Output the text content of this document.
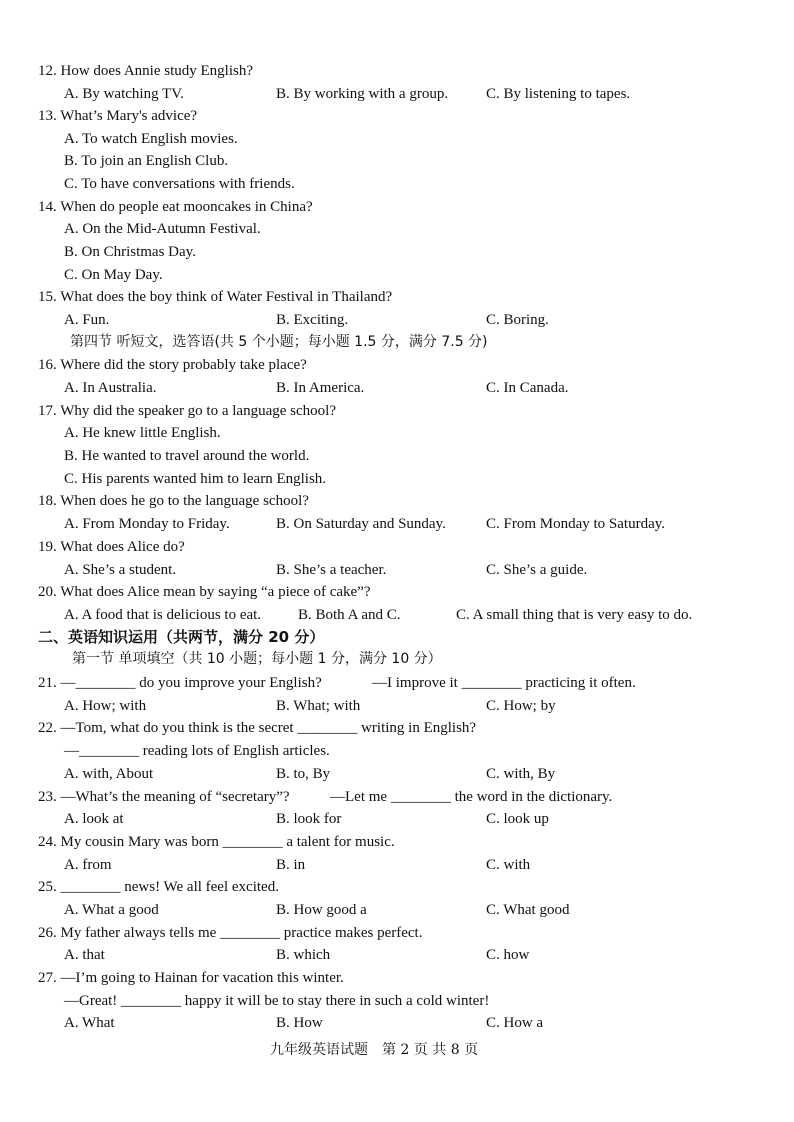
12. How does Annie study English?
A. By watching TV.	B. By working with a group.	C. By listening to tapes.
13. What’s Mary's advice?
A. To watch English movies.
B. To join an English Club.
C. To have conversations with friends.
14. When do people eat mooncakes in China?
A. On the Mid-Autumn Festival.
B. On Christmas Day.
C. On May Day.
15. What does the boy think of Water Festival in Thailand?
A. Fun.	B. Exciting.	C. Boring.
第四节 听短文，选答语(共 5 个小题；每小题 1.5 分，满分 7.5 分)
16. Where did the story probably take place?
A. In Australia.	B. In America.	C. In Canada.
17. Why did the speaker go to a language school?
A. He knew little English.
B. He wanted to travel around the world.
C. His parents wanted him to learn English.
18. When does he go to the language school?
A. From Monday to Friday.	B. On Saturday and Sunday.	C. From Monday to Saturday.
19. What does Alice do?
A. She’s a student.	B. She’s a teacher.	C. She’s a guide.
20. What does Alice mean by saying “a piece of cake”?
A. A food that is delicious to eat. B. Both A and C.	C. A small thing that is very easy to do.
二、英语知识运用（共两节，满分 20 分）
第一节 单项填空（共 10 小题；每小题 1 分，满分 10 分）
21. —________ do you improve your English?	—I improve it ________ practicing it often.
A. How; with	B. What; with	C. How; by
22. —Tom, what do you think is the secret ________ writing in English?
—________ reading lots of English articles.
A. with, About	B. to, By	C. with, By
23. —What’s the meaning of “secretary”?	—Let me ________ the word in the dictionary.
A. look at	B. look for	C. look up
24. My cousin Mary was born ________ a talent for music.
A. from	B. in	C. with
25. ________ news! We all feel excited.
A. What a good	B. How good a	C. What good
26. My father always tells me ________ practice makes perfect.
A. that	B. which	C. how
27. —I’m going to Hainan for vacation this winter.
—Great! ________ happy it will be to stay there in such a cold winter!
A. What	B. How	C. How a
九年级英语试题　第 2 页 共 8 页
